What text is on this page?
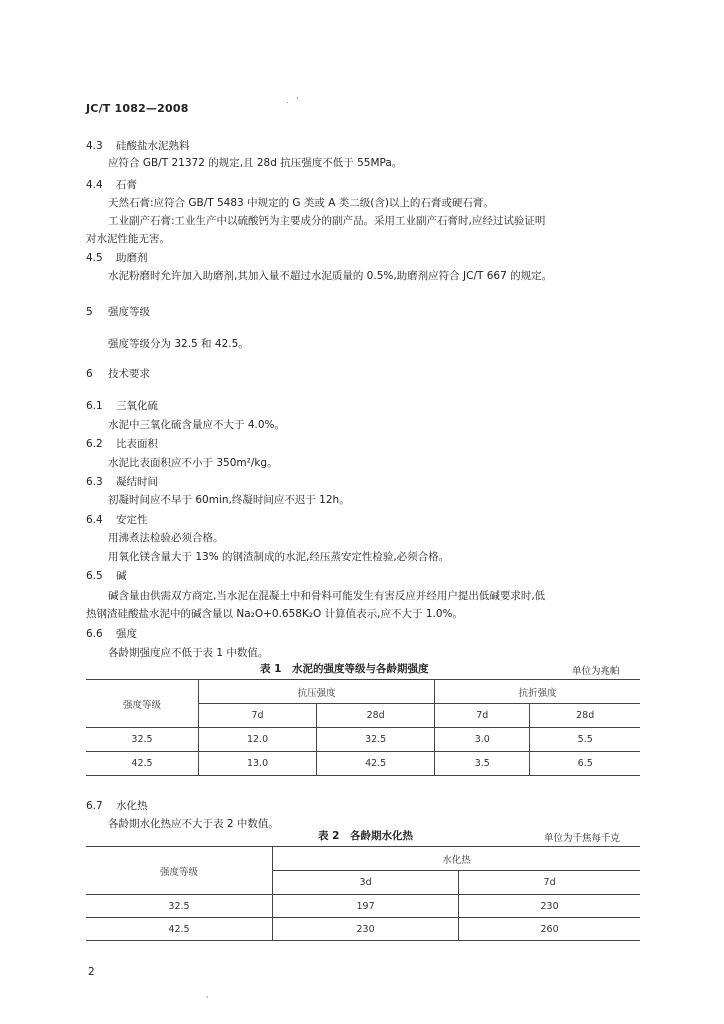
.　'
JC/T 1082—2008
4.3 硅酸盐水泥熟料
应符合 GB/T 21372 的规定,且 28d 抗压强度不低于 55MPa。
4.4 石膏
天然石膏:应符合 GB/T 5483 中规定的 G 类或 A 类二级(含)以上的石膏或硬石膏。
工业副产石膏:工业生产中以硫酸钙为主要成分的副产品。采用工业副产石膏时,应经过试验证明
对水泥性能无害。
4.5 助磨剂
水泥粉磨时允许加入助磨剂,其加入量不超过水泥质量的 0.5%,助磨剂应符合 JC/T 667 的规定。
5 强度等级
强度等级分为 32.5 和 42.5。
6 技术要求
6.1 三氧化硫
水泥中三氧化硫含量应不大于 4.0%。
6.2 比表面积
水泥比表面积应不小于 350m²/kg。
6.3 凝结时间
初凝时间应不早于 60min,终凝时间应不迟于 12h。
6.4 安定性
用沸煮法检验必须合格。
用氧化镁含量大于 13% 的钢渣制成的水泥,经压蒸安定性检验,必须合格。
6.5 碱
碱含量由供需双方商定,当水泥在混凝土中和骨料可能发生有害反应并经用户提出低碱要求时,低
热钢渣硅酸盐水泥中的碱含量以 Na₂O+0.658K₂O 计算值表示,应不大于 1.0%。
6.6 强度
各龄期强度应不低于表 1 中数值。
表 1　水泥的强度等级与各龄期强度	单位为兆帕
强度等级	抗压强度		抗折强度	
	7d	28d	7d	28d
32.5	12.0	32.5	3.0	5.5
42.5	13.0	42.5	3.5	6.5
6.7 水化热
各龄期水化热应不大于表 2 中数值。
表 2　各龄期水化热	单位为千焦每千克
强度等级	水化热	
	3d	7d
32.5	197	230
42.5	230	260
2
'
